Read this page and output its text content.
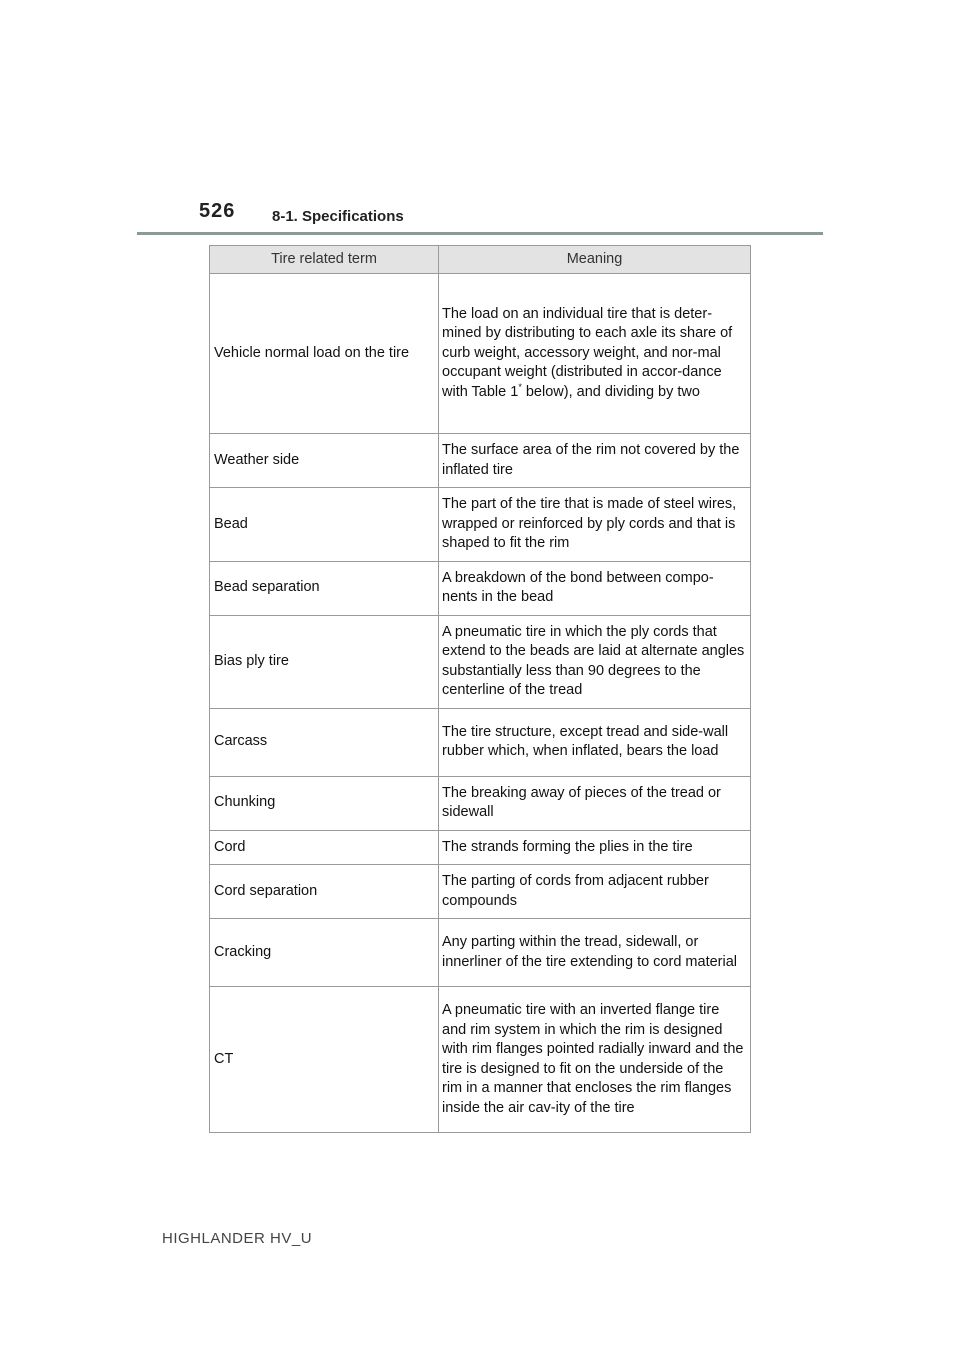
526 8-1. Specifications
Tire related term	Meaning
Vehicle normal load on the tire	The load on an individual tire that is deter-mined by distributing to each axle its share of curb weight, accessory weight, and nor-mal occupant weight (distributed in accor-dance with Table 1* below), and dividing by two
Weather side	The surface area of the rim not covered by the inflated tire
Bead	The part of the tire that is made of steel wires, wrapped or reinforced by ply cords and that is shaped to fit the rim
Bead separation	A breakdown of the bond between compo-nents in the bead
Bias ply tire	A pneumatic tire in which the ply cords that extend to the beads are laid at alternate angles substantially less than 90 degrees to the centerline of the tread
Carcass	The tire structure, except tread and side-wall rubber which, when inflated, bears the load
Chunking	The breaking away of pieces of the tread or sidewall
Cord	The strands forming the plies in the tire
Cord separation	The parting of cords from adjacent rubber compounds
Cracking	Any parting within the tread, sidewall, or innerliner of the tire extending to cord material
CT	A pneumatic tire with an inverted flange tire and rim system in which the rim is designed with rim flanges pointed radially inward and the tire is designed to fit on the underside of the rim in a manner that encloses the rim flanges inside the air cav-ity of the tire
HIGHLANDER HV_U
